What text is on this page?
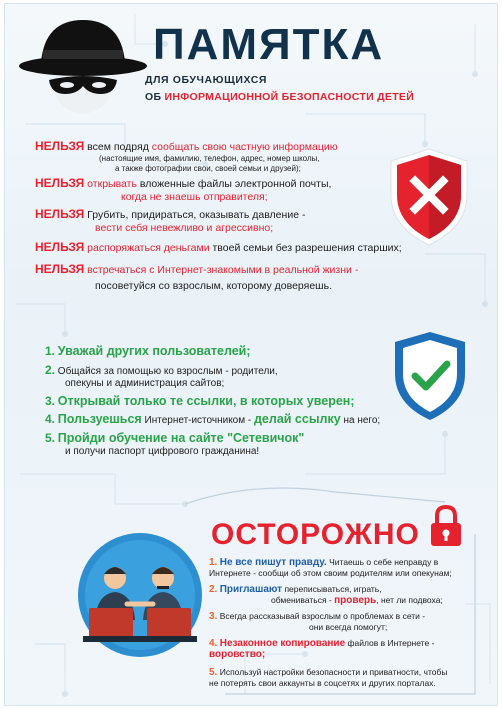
ПАМЯТКА
ДЛЯ ОБУЧАЮЩИХСЯ
ОБ ИНФОРМАЦИОННОЙ БЕЗОПАСНОСТИ ДЕТЕЙ
НЕЛЬЗЯ всем подряд сообщать свою частную информацию
(настоящие имя, фамилию, телефон, адрес, номер школы,
а также фотографии свои, своей семьи и друзей);
НЕЛЬЗЯ открывать вложенные файлы электронной почты,
когда не знаешь отправителя;
НЕЛЬЗЯ Грубить, придираться, оказывать давление -
вести себя невежливо и агрессивно;
НЕЛЬЗЯ распоряжаться деньгами твоей семьи без разрешения старших;
НЕЛЬЗЯ встречаться с Интернет-знакомыми в реальной жизни -
посоветуйся со взрослым, которому доверяешь.
1. Уважай других пользователей;
2. Общайся за помощью ко взрослым - родители,
опекуны и администрация сайтов;
3. Открывай только те ссылки, в которых уверен;
4. Пользуешься Интернет-источником - делай ссылку на него;
5. Пройди обучение на сайте "Сетевичок"
и получи паспорт цифрового гражданина!
ОСТОРОЖНО
1. Не все пишут правду. Читаешь о себе неправду в
Интернете - сообщи об этом своим родителям или опекунам;
2. Приглашают переписываться, играть,
обмениваться - проверь, нет ли подвоха;
3. Всегда рассказывай взрослым о проблемах в сети -
они всегда помогут;
4. Незаконное копирование файлов в Интернете - воровство;
5. Используй настройки безопасности и приватности, чтобы
не потерять свои аккаунты в соцсетях и других порталах.
